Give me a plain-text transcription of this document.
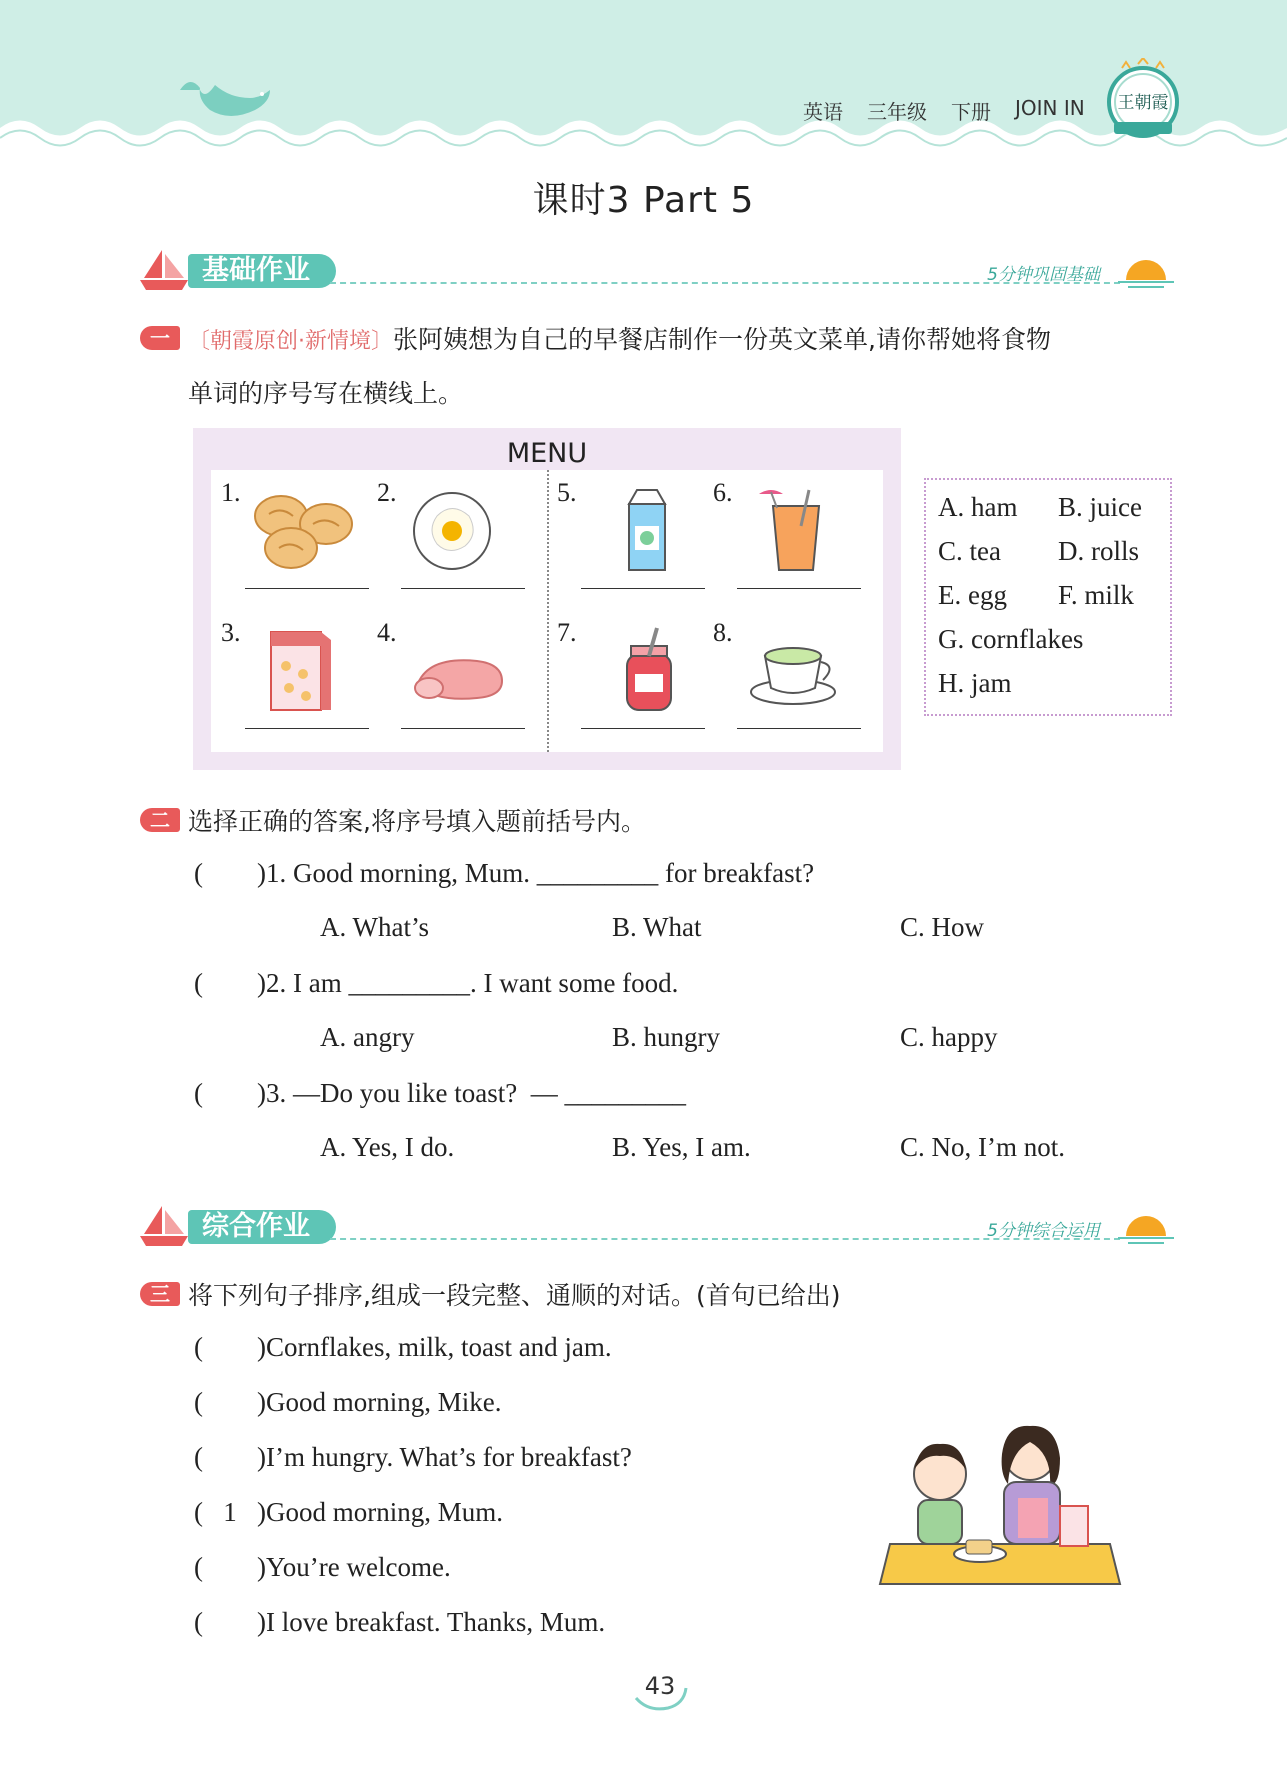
英语 三年级 下册 JOIN IN 王朝霞
课时3 Part 5
基础作业	5分钟巩固基础
一 〔朝霞原创·新情境〕张阿姨想为自己的早餐店制作一份英文菜单,请你帮她将食物
单词的序号写在横线上。
MENU
1.	2.
3.	4.
5.	6.
7.	8.
A. ham B. juice
C. tea D. rolls
E. egg F. milk
G. cornflakes
H. jam
二 选择正确的答案,将序号填入题前括号内。
(        )1. Good morning, Mum. _________ for breakfast?
A. What’s	B. What	C. How
(        )2. I am _________. I want some food.
A. angry	B. hungry	C. happy
(        )3. —Do you like toast?  — _________
A. Yes, I do.	B. Yes, I am.	C. No, I’m not.
综合作业	5分钟综合运用
三 将下列句子排序,组成一段完整、通顺的对话。(首句已给出)
(        )Cornflakes, milk, toast and jam.
(        )Good morning, Mike.
(        )I’m hungry. What’s for breakfast?
(   1   )Good morning, Mum.
(        )You’re welcome.
(        )I love breakfast. Thanks, Mum.
43
